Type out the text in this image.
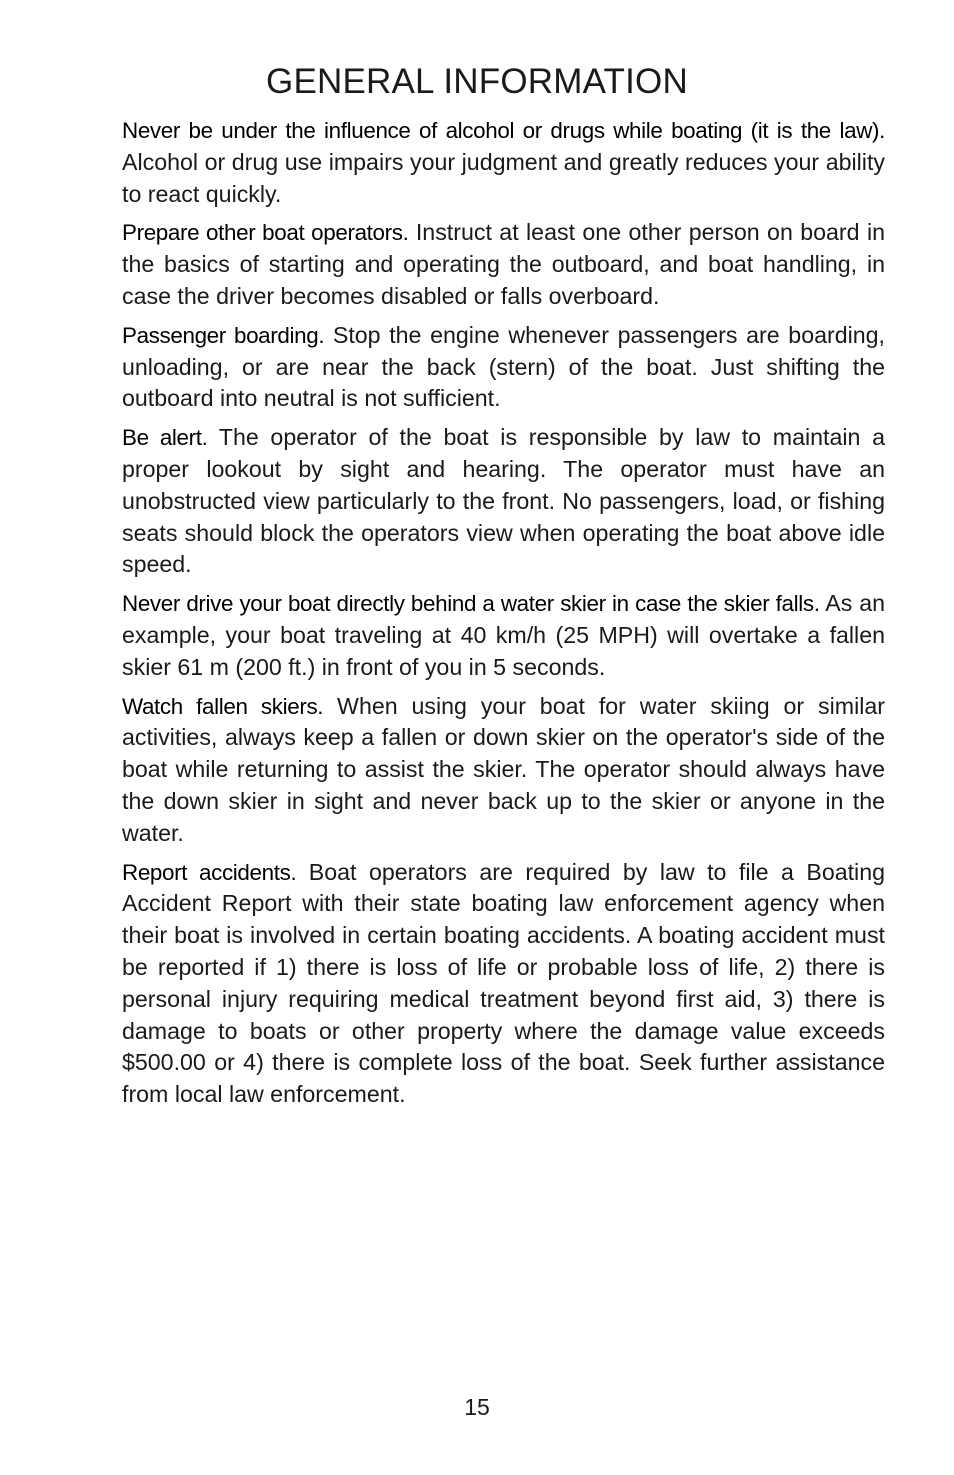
GENERAL INFORMATION

Never be under the influence of alcohol or drugs while boating (it is the law). Alcohol or drug use impairs your judgment and greatly reduces your ability to react quickly.

Prepare other boat operators. Instruct at least one other person on board in the basics of starting and operating the outboard, and boat handling, in case the driver becomes disabled or falls overboard.

Passenger boarding. Stop the engine whenever passengers are boarding, unloading, or are near the back (stern) of the boat. Just shifting the outboard into neutral is not sufficient.

Be alert. The operator of the boat is responsible by law to maintain a proper lookout by sight and hearing. The operator must have an unobstructed view particularly to the front. No passengers, load, or fishing seats should block the operators view when operating the boat above idle speed.

Never drive your boat directly behind a water skier in case the skier falls. As an example, your boat traveling at 40 km/h (25 MPH) will overtake a fallen skier 61 m (200 ft.) in front of you in 5 seconds.

Watch fallen skiers. When using your boat for water skiing or similar activities, always keep a fallen or down skier on the operator's side of the boat while returning to assist the skier. The operator should always have the down skier in sight and never back up to the skier or anyone in the water.

Report accidents. Boat operators are required by law to file a Boating Accident Report with their state boating law enforcement agency when their boat is involved in certain boating accidents. A boating accident must be reported if 1) there is loss of life or probable loss of life, 2) there is personal injury requiring medical treatment beyond first aid, 3) there is damage to boats or other property where the damage value exceeds $500.00 or 4) there is complete loss of the boat. Seek further assistance from local law enforcement.

15
